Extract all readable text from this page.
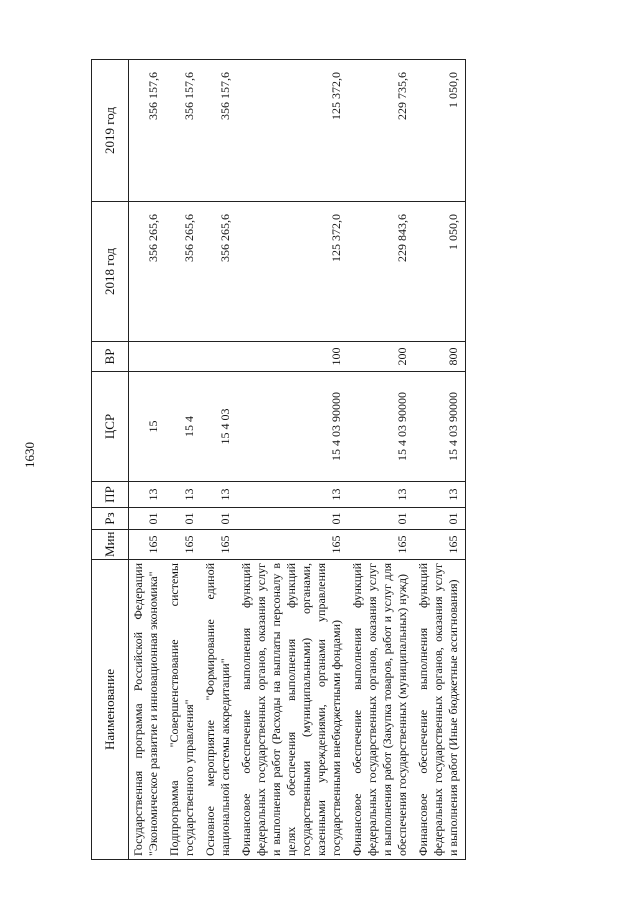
1630
Наименование	Мин	Рз	ПР	ЦСР	ВР	2018 год	2019 год
Государственная программа Российской Федерации "Экономическое развитие и инновационная экономика"	165	01	13	15		356 265,6	356 157,6
Подпрограмма "Совершенствование системы государственного управления"	165	01	13	15 4		356 265,6	356 157,6
Основное мероприятие "Формирование единой национальной системы аккредитации"	165	01	13	15 4 03		356 265,6	356 157,6
Финансовое обеспечение выполнения функций федеральных государственных органов, оказания услуг и выполнения работ (Расходы на выплаты персоналу в целях обеспечения выполнения функций государственными (муниципальными) органами, казенными учреждениями, органами управления государственными внебюджетными фондами)	165	01	13	15 4 03 90000	100	125 372,0	125 372,0
Финансовое обеспечение выполнения функций федеральных государственных органов, оказания услуг и выполнения работ (Закупка товаров, работ и услуг для обеспечения государственных (муниципальных) нужд)	165	01	13	15 4 03 90000	200	229 843,6	229 735,6
Финансовое обеспечение выполнения функций федеральных государственных органов, оказания услуг и выполнения работ (Иные бюджетные ассигнования)	165	01	13	15 4 03 90000	800	1 050,0	1 050,0
